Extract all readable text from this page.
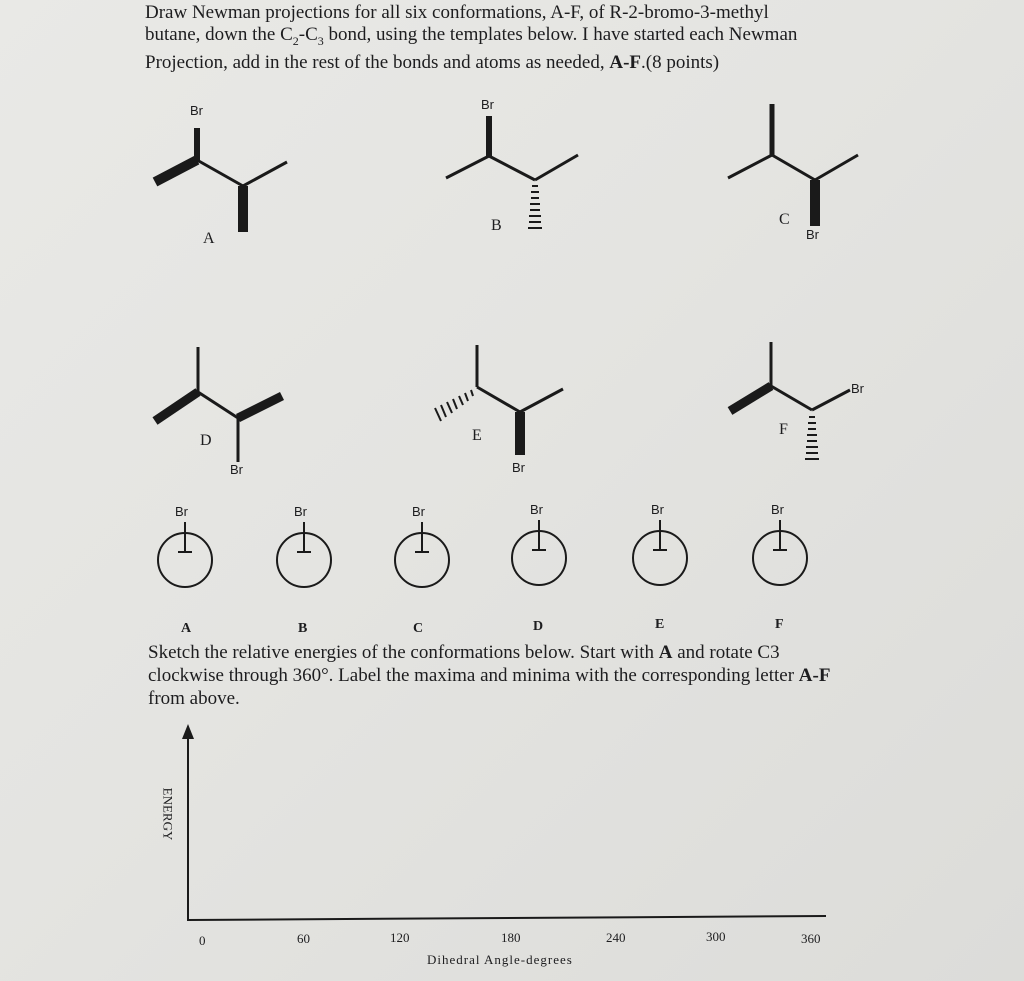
Draw Newman projections for all six conformations, A-F, of R-2-bromo-3-methyl
butane, down the $C_2-C_3$ bond, using the templates below. I have started each Newman
Projection, add in the rest of the bonds and atoms as needed, A-F.(8 points)

Br
A
Br
B	C
Br
D
Br
E
Br
Br
F
Br	Br	Br	Br	Br	Br
A	B	C	D	E	F

Sketch the relative energies of the conformations below. Start with A and rotate C3
clockwise through 360°. Label the maxima and minima with the corresponding letter A-F
from above.

ENERGY
0	60	120	180	240	300	360
Dihedral Angle-degrees
